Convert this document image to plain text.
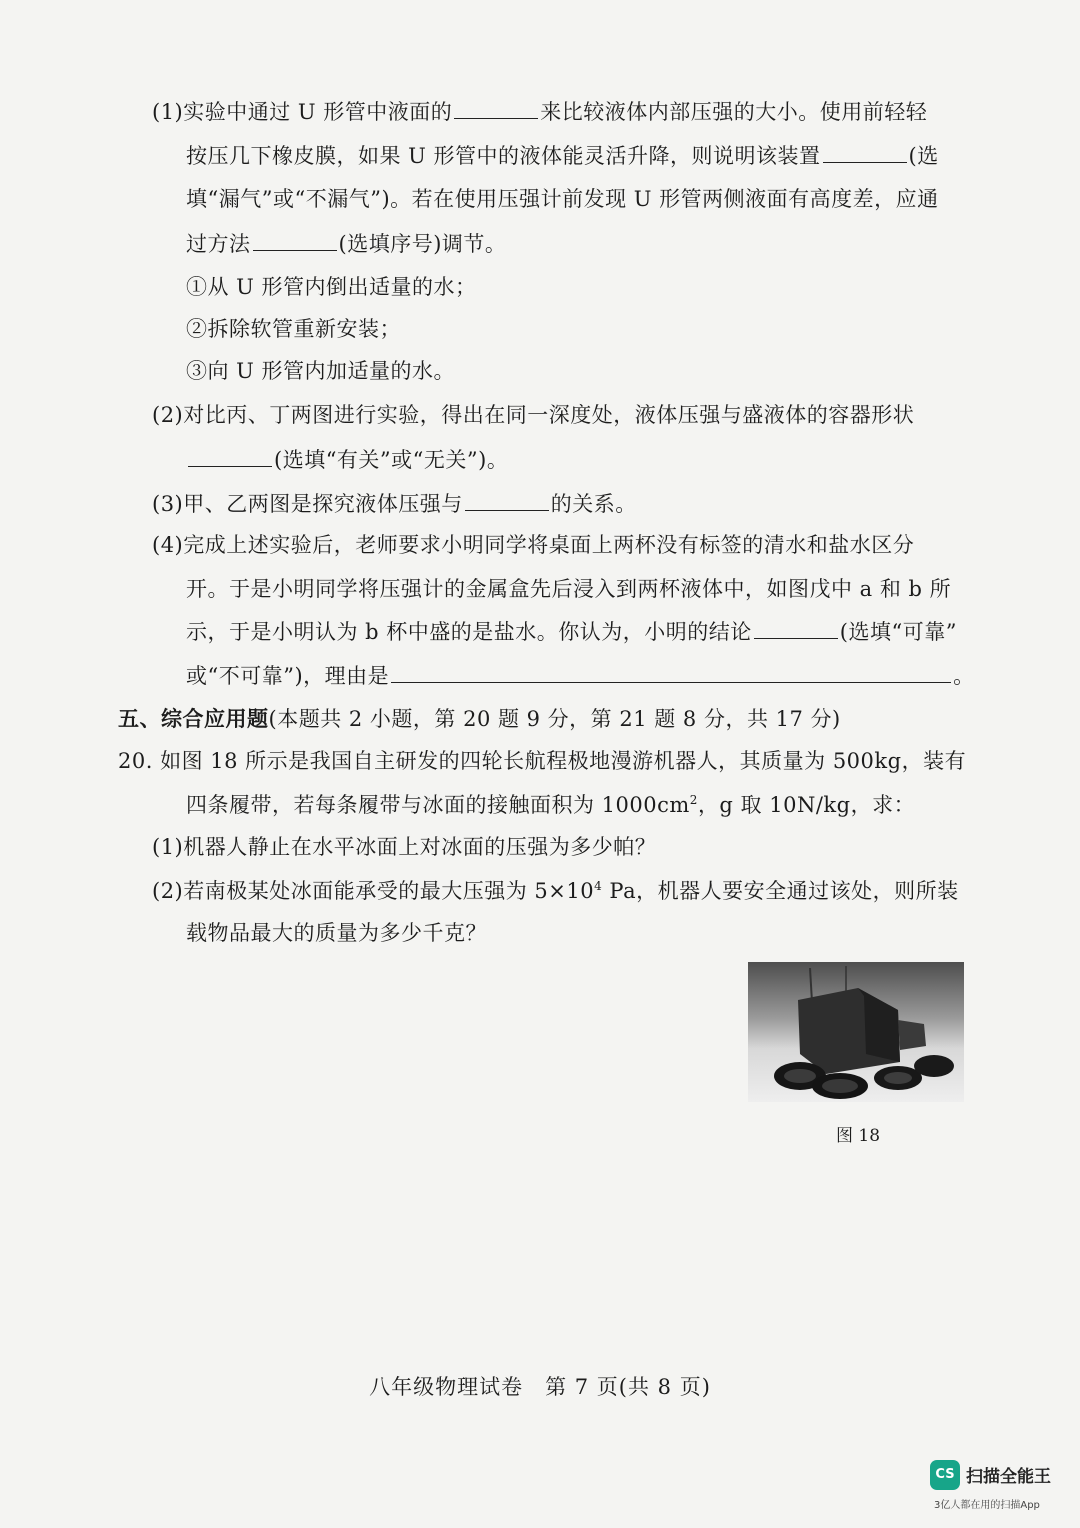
(1)实验中通过 U 形管中液面的	来比较液体内部压强的大小。使用前轻轻
按压几下橡皮膜，如果 U 形管中的液体能灵活升降，则说明该装置	(选
填“漏气”或“不漏气”)。若在使用压强计前发现 U 形管两侧液面有高度差，应通
过方法	(选填序号)调节。
①从 U 形管内倒出适量的水；
②拆除软管重新安装；
③向 U 形管内加适量的水。
(2)对比丙、丁两图进行实验，得出在同一深度处，液体压强与盛液体的容器形状
(选填“有关”或“无关”)。
(3)甲、乙两图是探究液体压强与	的关系。
(4)完成上述实验后，老师要求小明同学将桌面上两杯没有标签的清水和盐水区分
开。于是小明同学将压强计的金属盒先后浸入到两杯液体中，如图戊中 a 和 b 所
示，于是小明认为 b 杯中盛的是盐水。你认为，小明的结论	(选填“可靠”
或“不可靠”)，理由是	。
五、综合应用题(本题共 2 小题，第 20 题 9 分，第 21 题 8 分，共 17 分)
20. 如图 18 所示是我国自主研发的四轮长航程极地漫游机器人，其质量为 500kg，装有
四条履带，若每条履带与冰面的接触面积为 $1000cm^2$，g 取 10N/kg，求：
(1)机器人静止在水平冰面上对冰面的压强为多少帕？
(2)若南极某处冰面能承受的最大压强为 $5\times 10^4$ Pa，机器人要安全通过该处，则所装
载物品最大的质量为多少千克？
图 18
八年级物理试卷　第 7 页(共 8 页)
CS 扫描全能王
3亿人都在用的扫描App
